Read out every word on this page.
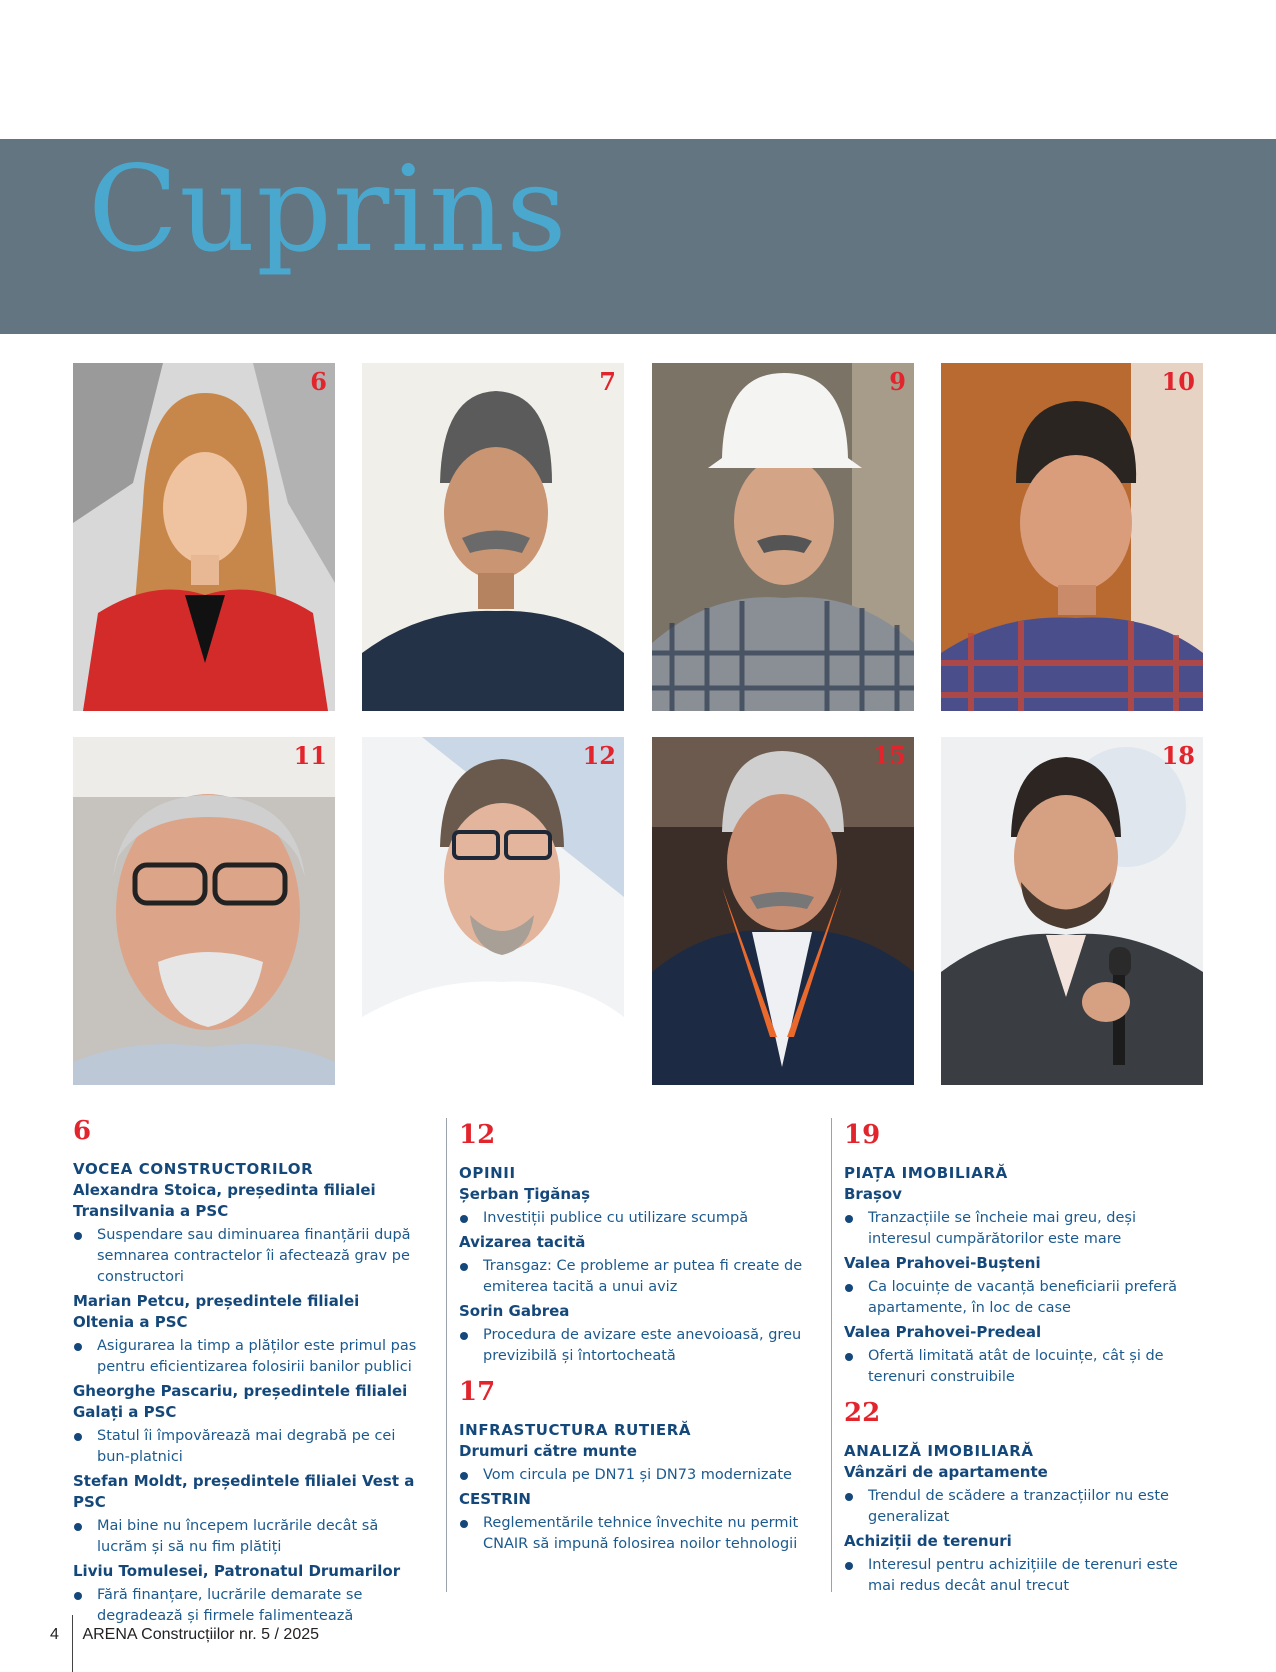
Cuprins
6	7	9	10
11	12	15	18

6

VOCEA CONSTRUCTORILOR

Alexandra Stoica, președinta filialei Transilvania a PSC

Suspendare sau diminuarea finanțării după semnarea contractelor îi afectează grav pe constructori

Marian Petcu, președintele filialei Oltenia a PSC

Asigurarea la timp a plăților este primul pas pentru eficientizarea folosirii banilor publici

Gheorghe Pascariu, președintele filialei Galați a PSC

Statul îi împovărează mai degrabă pe cei bun-platnici

Stefan Moldt, președintele filialei Vest a PSC

Mai bine nu începem lucrările decât să lucrăm și să nu fim plătiți

Liviu Tomulesei, Patronatul Drumarilor

Fără finanțare, lucrările demarate se degradează și firmele falimentează

12

OPINII

Șerban Țigănaș

Investiții publice cu utilizare scumpă

Avizarea tacită

Transgaz: Ce probleme ar putea fi create de emiterea tacită a unui aviz

Sorin Gabrea

Procedura de avizare este anevoioasă, greu previzibilă și întortocheată

17

INFRASTUCTURA RUTIERĂ

Drumuri către munte

Vom circula pe DN71 și DN73 modernizate

CESTRIN

Reglementările tehnice învechite nu permit CNAIR să impună folosirea noilor tehnologii

19

PIAȚA IMOBILIARĂ

Brașov

Tranzacțiile se încheie mai greu, deși interesul cumpărătorilor este mare

Valea Prahovei-Bușteni

Ca locuințe de vacanță beneficiarii preferă apartamente, în loc de case

Valea Prahovei-Predeal

Ofertă limitată atât de locuințe, cât și de terenuri construibile

22

ANALIZĂ IMOBILIARĂ

Vânzări de apartamente

Trendul de scădere a tranzacțiilor nu este generalizat

Achiziții de terenuri

Interesul pentru achizițiile de terenuri este mai redus decât anul trecut

4 ARENA Construcțiilor nr. 5 / 2025
